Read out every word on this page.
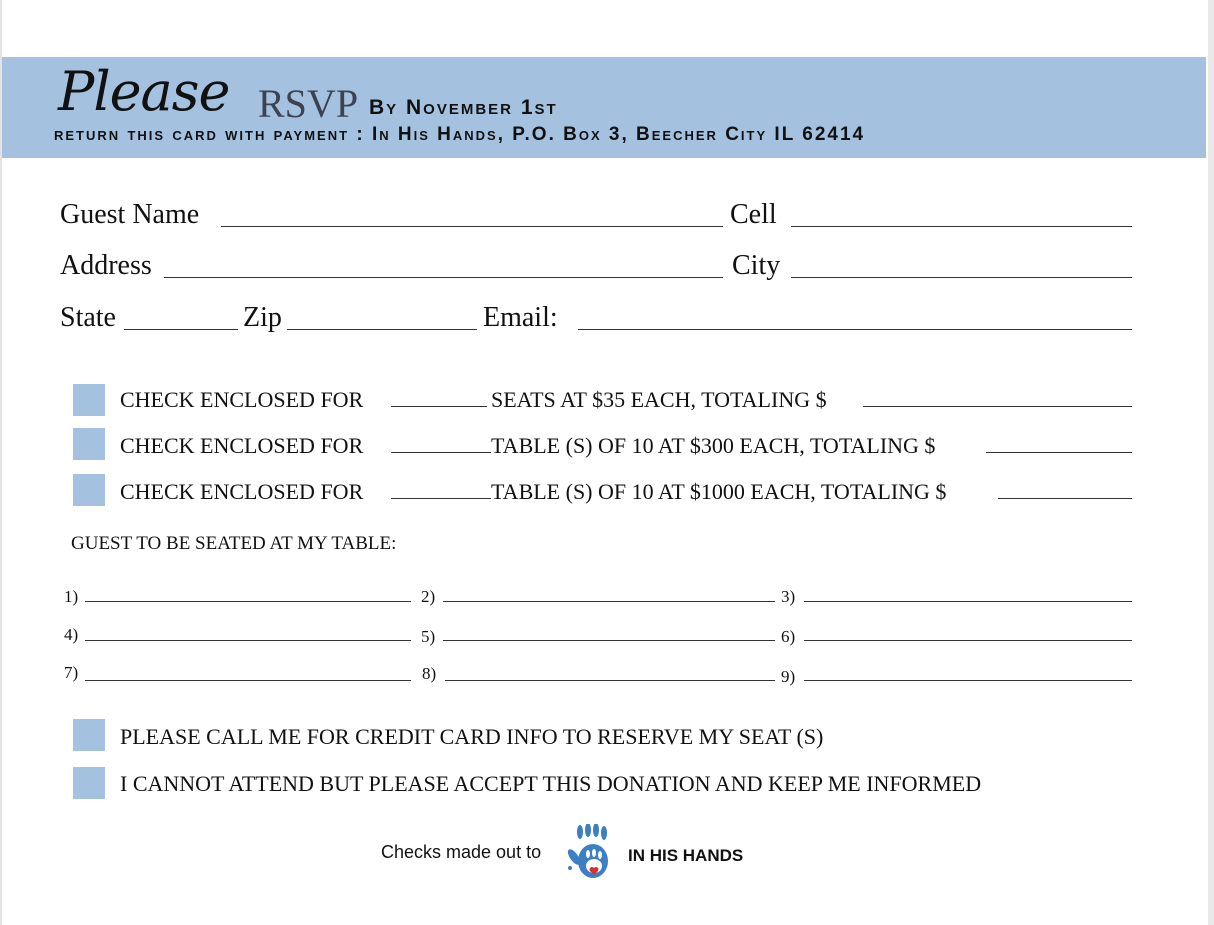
Please RSVP By November 1st
return this card with payment : In His Hands, P.O. Box 3, Beecher City IL 62414
Guest Name	Cell
Address	City
State	Zip	Email:
CHECK ENCLOSED FOR	SEATS AT $35 EACH, TOTALING $
CHECK ENCLOSED FOR	TABLE (S) OF 10 AT $300 EACH, TOTALING $
CHECK ENCLOSED FOR	TABLE (S) OF 10 AT $1000 EACH, TOTALING $
GUEST TO BE SEATED AT MY TABLE:
1)	2)	3)
4)	5)	6)
7)	8)	9)
PLEASE CALL ME FOR CREDIT CARD INFO TO RESERVE MY SEAT (S)
I CANNOT ATTEND BUT PLEASE ACCEPT THIS DONATION AND KEEP ME INFORMED
Checks made out to	IN HIS HANDS
